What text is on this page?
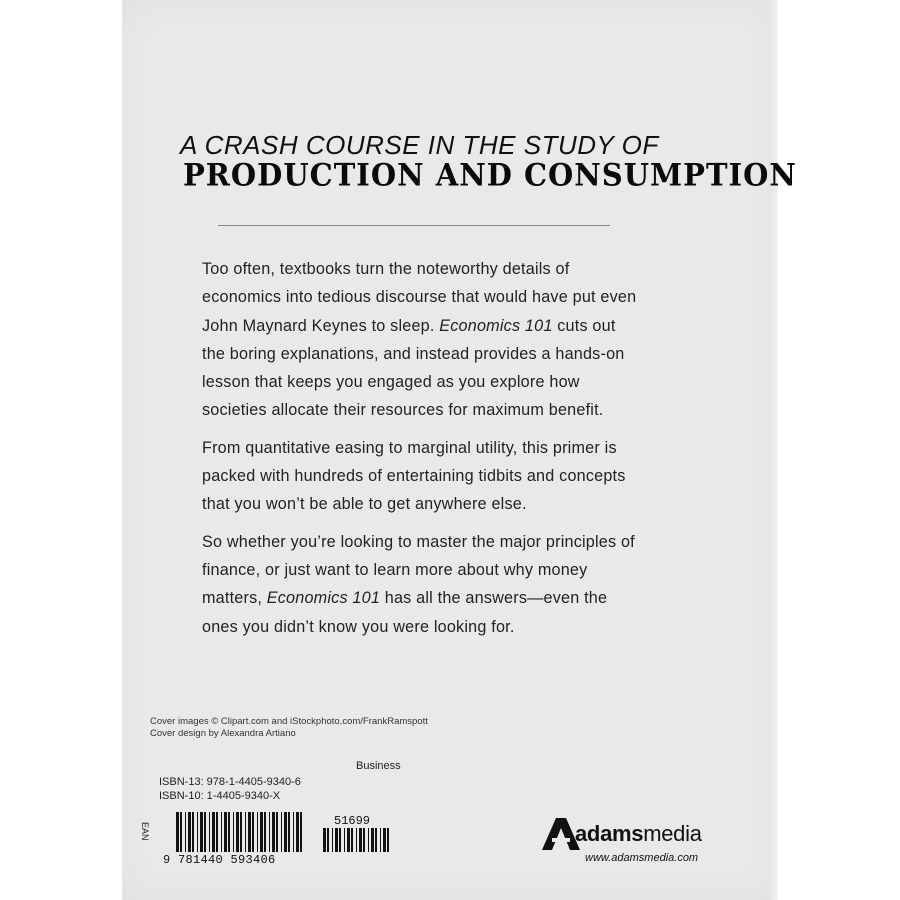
A CRASH COURSE IN THE STUDY OF
PRODUCTION AND CONSUMPTION

Too often, textbooks turn the noteworthy details of economics into tedious discourse that would have put even John Maynard Keynes to sleep. Economics 101 cuts out the boring explanations, and instead provides a hands-on lesson that keeps you engaged as you explore how societies allocate their resources for maximum benefit.

From quantitative easing to marginal utility, this primer is packed with hundreds of entertaining tidbits and concepts that you won’t be able to get anywhere else.

So whether you’re looking to master the major principles of finance, or just want to learn more about why money matters, Economics 101 has all the answers—even the ones you didn’t know you were looking for.

Cover images © Clipart.com and iStockphoto.com/FrankRamspott
Cover design by Alexandra Artiano
Business
ISBN-13: 978-1-4405-9340-6
ISBN-10: 1-4405-9340-X
EAN
9 781440 593406
51699	adamsmedia
www.adamsmedia.com
